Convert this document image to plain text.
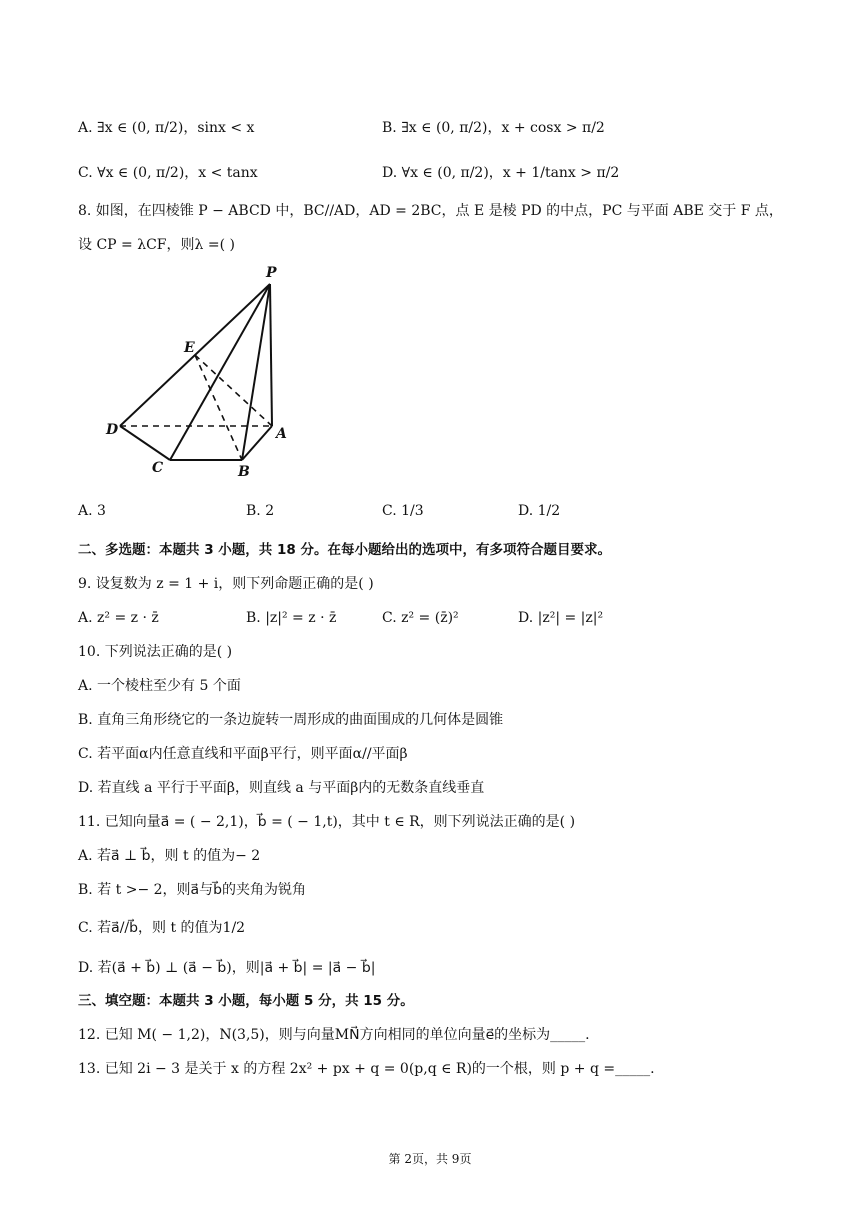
A. ∃x ∈ (0, π/2)，sinx < x	B. ∃x ∈ (0, π/2)，x + cosx > π/2
C. ∀x ∈ (0, π/2)，x < tanx	D. ∀x ∈ (0, π/2)，x + 1/tanx > π/2
8. 如图，在四棱锥 P − ABCD 中，BC//AD，AD = 2BC，点 E 是棱 PD 的中点，PC 与平面 ABE 交于 F 点，
设 CP = λCF，则λ =( )
P
E
D	A
C	B
A. 3	B. 2	C. 1/3	D. 1/2
二、多选题：本题共 3 小题，共 18 分。在每小题给出的选项中，有多项符合题目要求。
9. 设复数为 z = 1 + i，则下列命题正确的是( )
A. z² = z · z̄	B. |z|² = z · z̄	C. z² = (z̄)²	D. |z²| = |z|²
10. 下列说法正确的是( )
A. 一个棱柱至少有 5 个面
B. 直角三角形绕它的一条边旋转一周形成的曲面围成的几何体是圆锥
C. 若平面α内任意直线和平面β平行，则平面α//平面β
D. 若直线 a 平行于平面β，则直线 a 与平面β内的无数条直线垂直
11. 已知向量a⃗ = ( − 2,1)，b⃗ = ( − 1,t)，其中 t ∈ R，则下列说法正确的是( )
A. 若a⃗ ⊥ b⃗，则 t 的值为− 2
B. 若 t >− 2，则a⃗与b⃗的夹角为锐角
C. 若a⃗//b⃗，则 t 的值为1/2
D. 若(a⃗ + b⃗) ⊥ (a⃗ − b⃗)，则|a⃗ + b⃗| = |a⃗ − b⃗|
三、填空题：本题共 3 小题，每小题 5 分，共 15 分。
12. 已知 M( − 1,2)，N(3,5)，则与向量MN⃗方向相同的单位向量e⃗的坐标为_____.
13. 已知 2i − 3 是关于 x 的方程 2x² + px + q = 0(p,q ∈ R)的一个根，则 p + q =_____.
第 2页，共 9页
